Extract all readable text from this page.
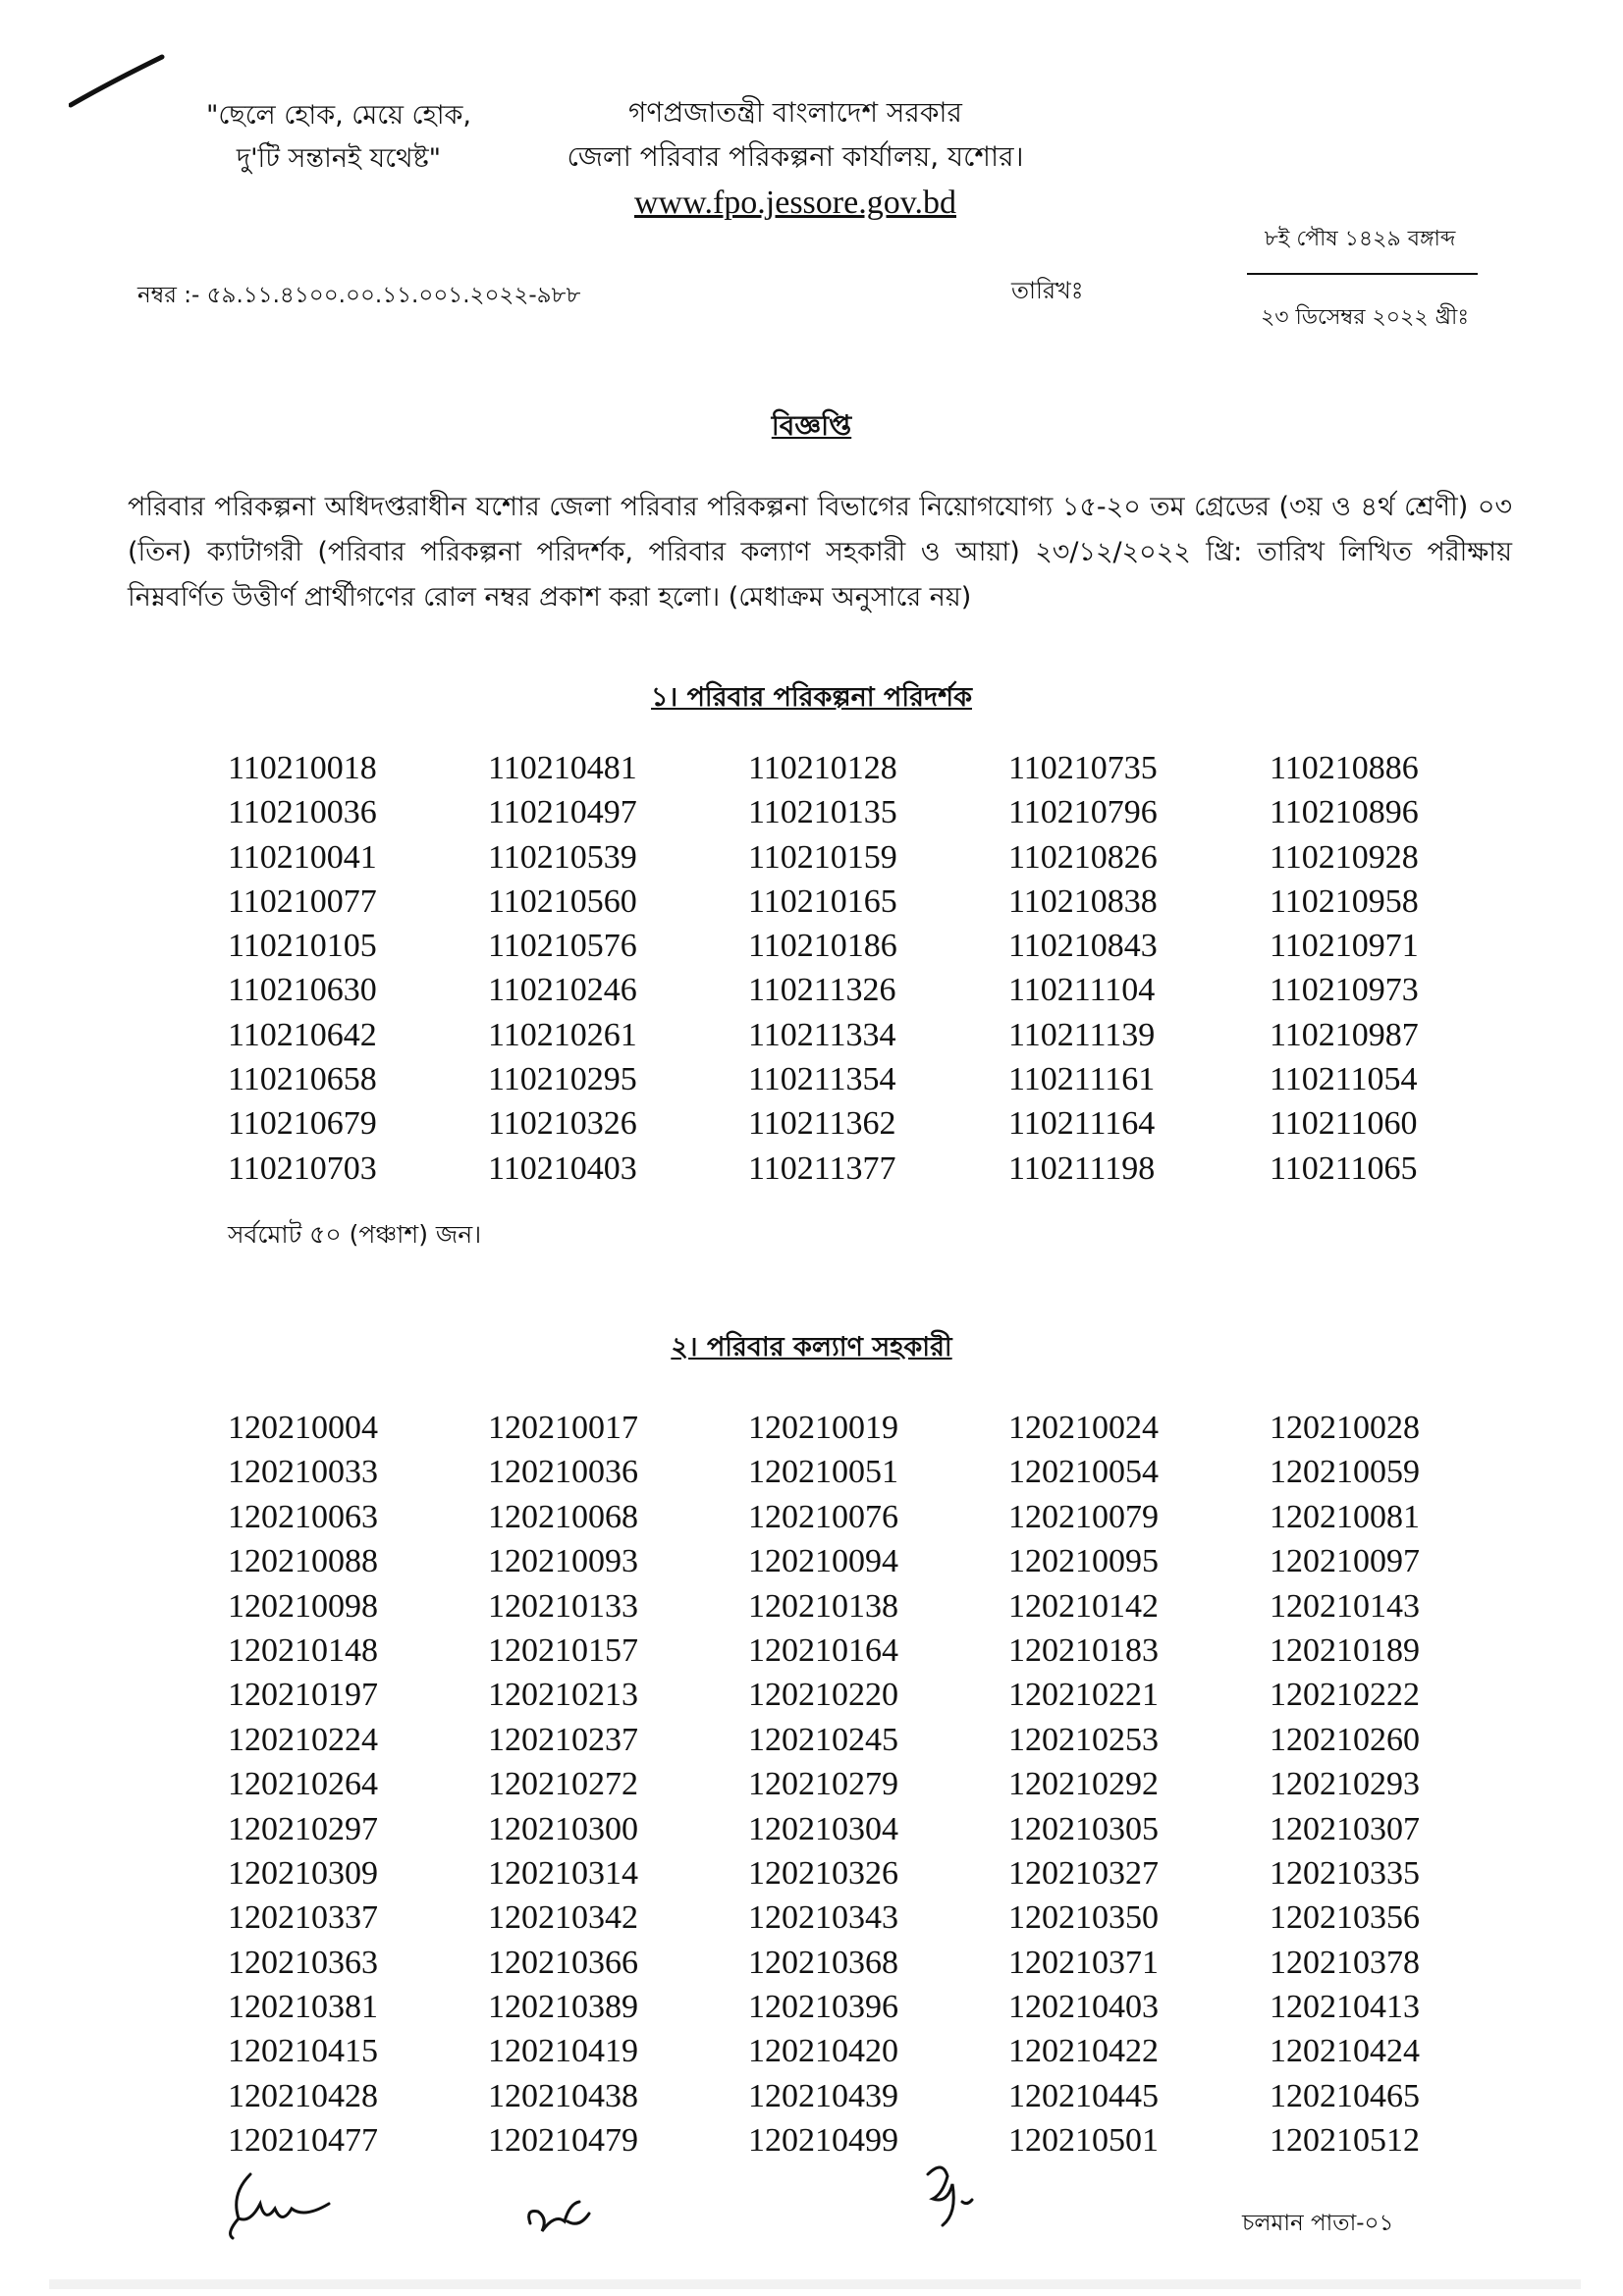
"ছেলে হোক, মেয়ে হোক,
দু'টি সন্তানই যথেষ্ট"
গণপ্রজাতন্ত্রী বাংলাদেশ সরকার
জেলা পরিবার পরিকল্পনা কার্যালয়, যশোর।
www.fpo.jessore.gov.bd
৮ই পৌষ ১৪২৯ বঙ্গাব্দ
২৩ ডিসেম্বর ২০২২ খ্রীঃ
নম্বর :- ৫৯.১১.৪১০০.০০.১১.০০১.২০২২-৯৮৮	তারিখঃ
বিজ্ঞপ্তি
পরিবার পরিকল্পনা অধিদপ্তরাধীন যশোর জেলা পরিবার পরিকল্পনা বিভাগের নিয়োগযোগ্য ১৫-২০ তম গ্রেডের (৩য় ও ৪র্থ শ্রেণী) ০৩ (তিন) ক্যাটাগরী (পরিবার পরিকল্পনা পরিদর্শক, পরিবার কল্যাণ সহকারী ও আয়া) ২৩/১২/২০২২ খ্রি: তারিখ লিখিত পরীক্ষায় নিম্নবর্ণিত উত্তীর্ণ প্রার্থীগণের রোল নম্বর প্রকাশ করা হলো। (মেধাক্রম অনুসারে নয়)
১। পরিবার পরিকল্পনা পরিদর্শক
110210018	110210481	110210128	110210735	110210886
110210036	110210497	110210135	110210796	110210896
110210041	110210539	110210159	110210826	110210928
110210077	110210560	110210165	110210838	110210958
110210105	110210576	110210186	110210843	110210971
110210630	110210246	110211326	110211104	110210973
110210642	110210261	110211334	110211139	110210987
110210658	110210295	110211354	110211161	110211054
110210679	110210326	110211362	110211164	110211060
110210703	110210403	110211377	110211198	110211065
সর্বমোট ৫০ (পঞ্চাশ) জন।
২। পরিবার কল্যাণ সহকারী
120210004	120210017	120210019	120210024	120210028
120210033	120210036	120210051	120210054	120210059
120210063	120210068	120210076	120210079	120210081
120210088	120210093	120210094	120210095	120210097
120210098	120210133	120210138	120210142	120210143
120210148	120210157	120210164	120210183	120210189
120210197	120210213	120210220	120210221	120210222
120210224	120210237	120210245	120210253	120210260
120210264	120210272	120210279	120210292	120210293
120210297	120210300	120210304	120210305	120210307
120210309	120210314	120210326	120210327	120210335
120210337	120210342	120210343	120210350	120210356
120210363	120210366	120210368	120210371	120210378
120210381	120210389	120210396	120210403	120210413
120210415	120210419	120210420	120210422	120210424
120210428	120210438	120210439	120210445	120210465
120210477	120210479	120210499	120210501	120210512
চলমান পাতা-০১
